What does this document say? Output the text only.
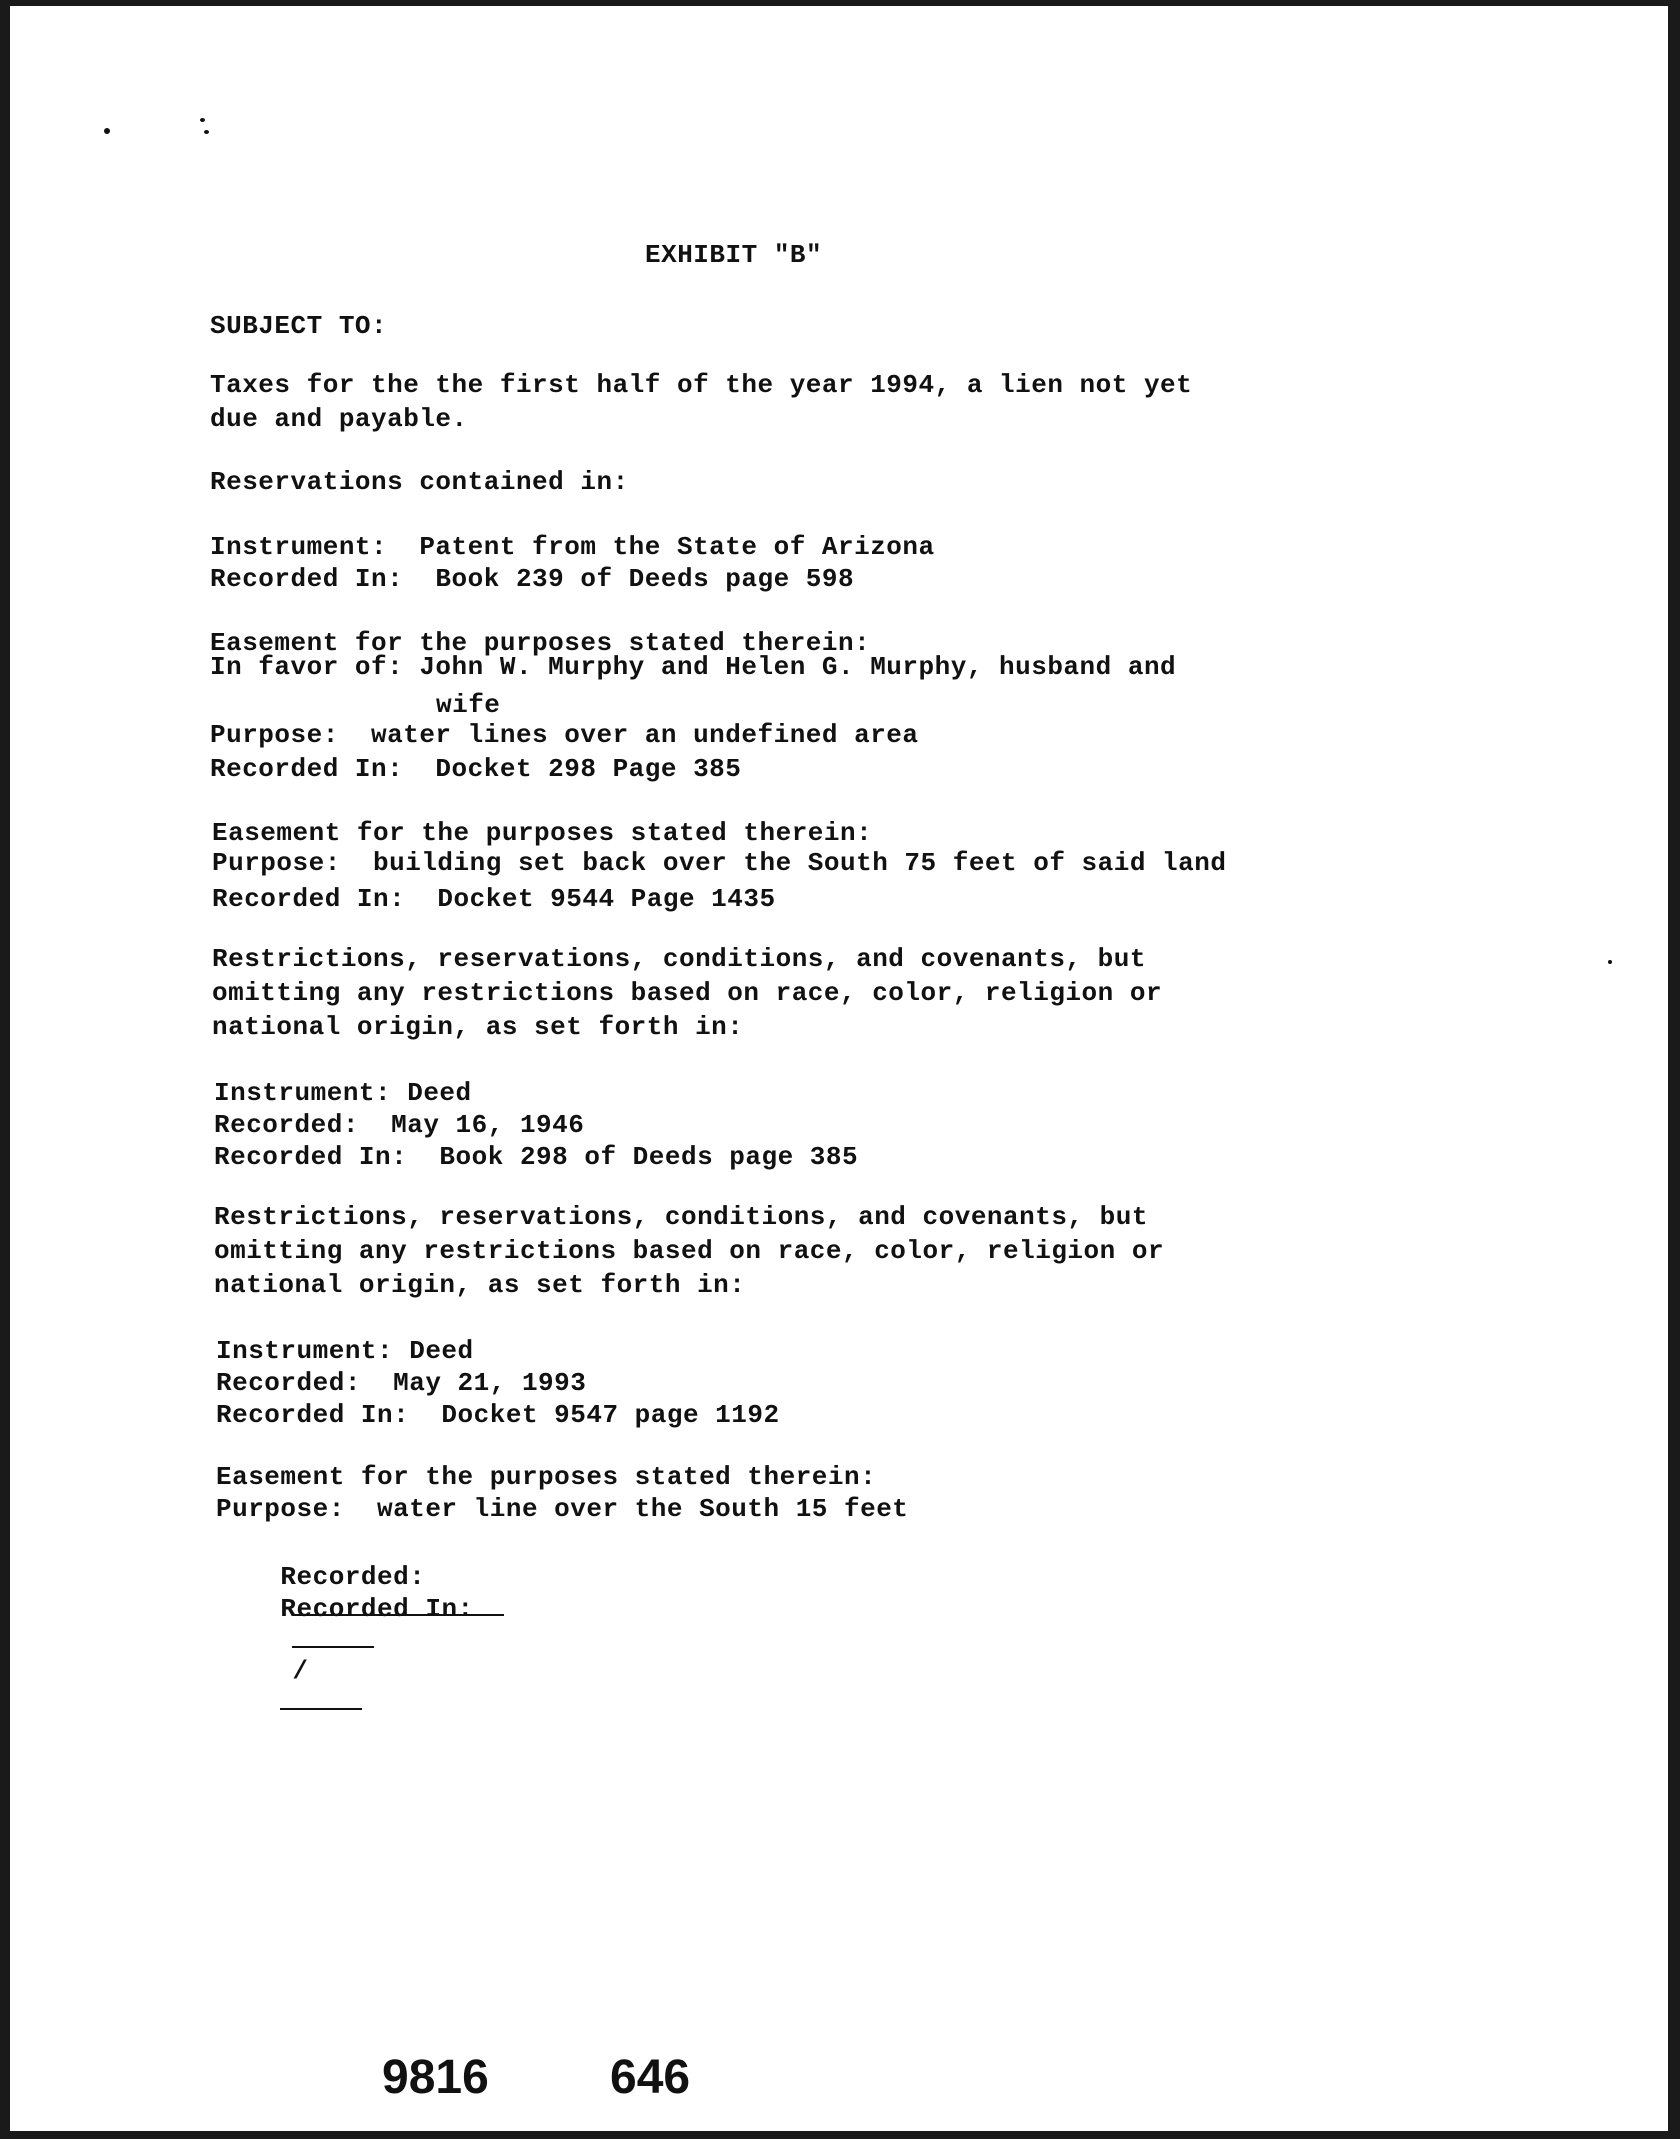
EXHIBIT "B"
SUBJECT TO:
Taxes for the the first half of the year 1994, a lien not yet
due and payable.
Reservations contained in:
Instrument:  Patent from the State of Arizona
Recorded In:  Book 239 of Deeds page 598
Easement for the purposes stated therein:
In favor of: John W. Murphy and Helen G. Murphy, husband and
wife
Purpose:  water lines over an undefined area
Recorded In:  Docket 298 Page 385
Easement for the purposes stated therein:
Purpose:  building set back over the South 75 feet of said land
Recorded In:  Docket 9544 Page 1435
Restrictions, reservations, conditions, and covenants, but
omitting any restrictions based on race, color, religion or
national origin, as set forth in:
Instrument: Deed
Recorded:  May 16, 1946
Recorded In:  Book 298 of Deeds page 385
Restrictions, reservations, conditions, and covenants, but
omitting any restrictions based on race, color, religion or
national origin, as set forth in:
Instrument: Deed
Recorded:  May 21, 1993
Recorded In:  Docket 9547 page 1192
Easement for the purposes stated therein:
Purpose:  water line over the South 15 feet

Recorded:

Recorded In:

/

9816	646
